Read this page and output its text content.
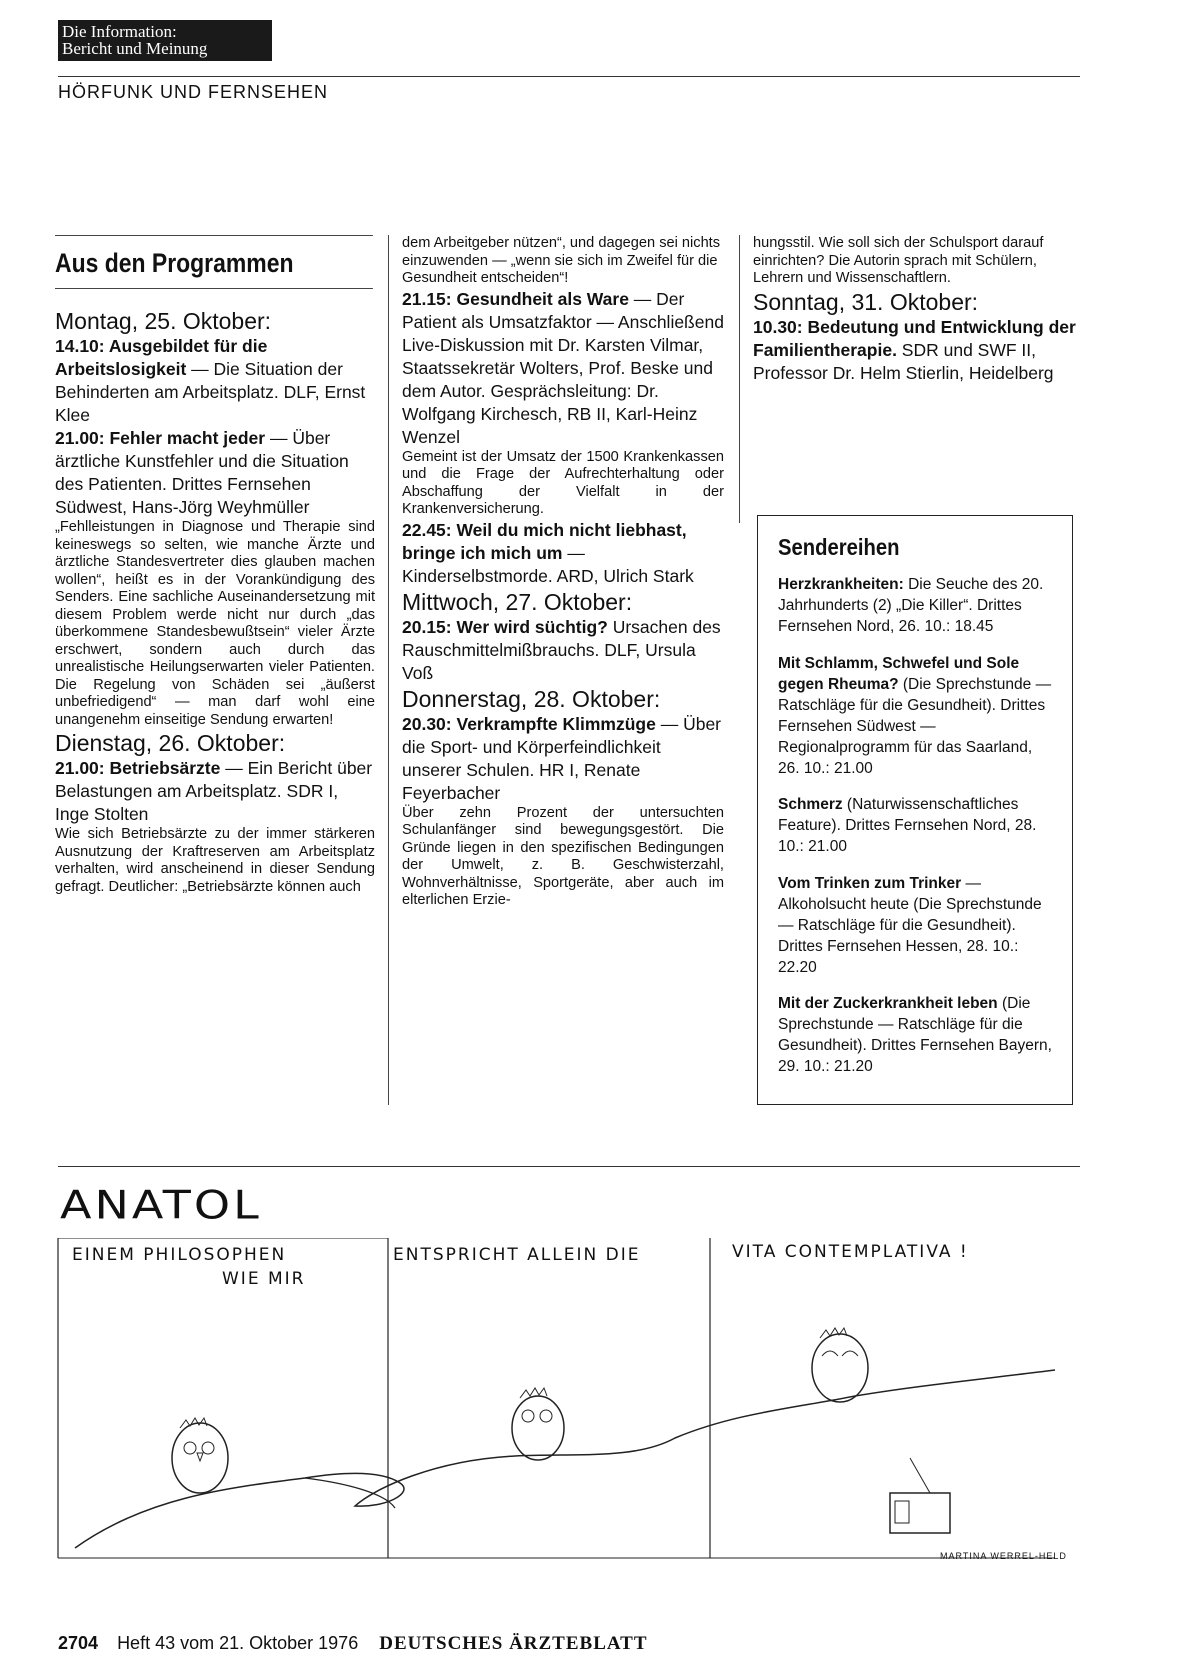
Die Information:
Bericht und Meinung
HÖRFUNK UND FERNSEHEN
Aus den Programmen

Montag, 25. Oktober:

14.10: Ausgebildet für die Arbeitslosigkeit — Die Situation der Behinderten am Arbeitsplatz. DLF, Ernst Klee

21.00: Fehler macht jeder — Über ärztliche Kunstfehler und die Situation des Patienten. Drittes Fernsehen Südwest, Hans-Jörg Weyhmüller

„Fehlleistungen in Diagnose und Therapie sind keineswegs so selten, wie manche Ärzte und ärztliche Standesvertreter dies glauben machen wollen“, heißt es in der Vorankündigung des Senders. Eine sachliche Auseinandersetzung mit diesem Problem werde nicht nur durch „das überkommene Standesbewußtsein“ vieler Ärzte erschwert, sondern auch durch das unrealistische Heilungserwarten vieler Patienten. Die Regelung von Schäden sei „äußerst unbefriedigend“ — man darf wohl eine unangenehm einseitige Sendung erwarten!

Dienstag, 26. Oktober:

21.00: Betriebsärzte — Ein Bericht über Belastungen am Arbeitsplatz. SDR I, Inge Stolten

Wie sich Betriebsärzte zu der immer stärkeren Ausnutzung der Kraftreserven am Arbeitsplatz verhalten, wird anscheinend in dieser Sendung gefragt. Deutlicher: „Betriebsärzte können auch

dem Arbeitgeber nützen“, und dagegen sei nichts einzuwenden — „wenn sie sich im Zweifel für die Gesundheit entscheiden“!

21.15: Gesundheit als Ware — Der Patient als Umsatzfaktor — Anschließend Live-Diskussion mit Dr. Karsten Vilmar, Staatssekretär Wolters, Prof. Beske und dem Autor. Gesprächsleitung: Dr. Wolfgang Kirchesch, RB II, Karl-Heinz Wenzel

Gemeint ist der Umsatz der 1500 Krankenkassen und die Frage der Aufrechterhaltung oder Abschaffung der Vielfalt in der Krankenversicherung.

22.45: Weil du mich nicht liebhast, bringe ich mich um — Kinderselbstmorde. ARD, Ulrich Stark

Mittwoch, 27. Oktober:

20.15: Wer wird süchtig? Ursachen des Rauschmittelmißbrauchs. DLF, Ursula Voß

Donnerstag, 28. Oktober:

20.30: Verkrampfte Klimmzüge — Über die Sport- und Körperfeindlichkeit unserer Schulen. HR I, Renate Feyerbacher

Über zehn Prozent der untersuchten Schulanfänger sind bewegungsgestört. Die Gründe liegen in den spezifischen Bedingungen der Umwelt, z. B. Geschwisterzahl, Wohnverhältnisse, Sportgeräte, aber auch im elterlichen Erzie-

hungsstil. Wie soll sich der Schulsport darauf einrichten? Die Autorin sprach mit Schülern, Lehrern und Wissenschaftlern.

Sonntag, 31. Oktober:

10.30: Bedeutung und Entwicklung der Familientherapie. SDR und SWF II, Professor Dr. Helm Stierlin, Heidelberg

Sendereihen

Herzkrankheiten: Die Seuche des 20. Jahrhunderts (2) „Die Killer“. Drittes Fernsehen Nord, 26. 10.: 18.45

Mit Schlamm, Schwefel und Sole gegen Rheuma? (Die Sprechstunde — Ratschläge für die Gesundheit). Drittes Fernsehen Südwest — Regionalprogramm für das Saarland, 26. 10.: 21.00

Schmerz (Naturwissenschaftliches Feature). Drittes Fernsehen Nord, 28. 10.: 21.00

Vom Trinken zum Trinker — Alkoholsucht heute (Die Sprechstunde — Ratschläge für die Gesundheit). Drittes Fernsehen Hessen, 28. 10.: 22.20

Mit der Zuckerkrankheit leben (Die Sprechstunde — Ratschläge für die Gesundheit). Drittes Fernsehen Bayern, 29. 10.: 21.20

ANATOL
EINEM PHILOSOPHEN
WIE MIR
ENTSPRICHT ALLEIN DIE	VITA CONTEMPLATIVA !
MARTINA WERREL-HELD
2704 Heft 43 vom 21. Oktober 1976 DEUTSCHES ÄRZTEBLATT
